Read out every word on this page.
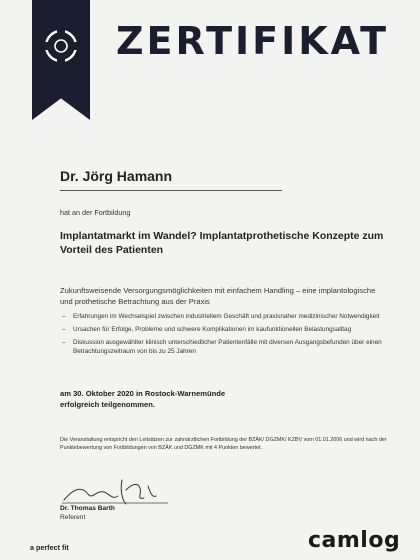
ZERTIFIKAT
Dr. Jörg Hamann
hat an der Fortbildung
Implantatmarkt im Wandel? Implantatprothetische Konzepte zum Vorteil des Patienten
Zukunftsweisende Versorgungsmöglichkeiten mit einfachem Handling – eine implantologische und prothetische Betrachtung aus der Praxis
– Erfahrungen im Wechselspiel zwischen industriellem Geschäft und praxisnaher medizinischer Notwendigkeit
– Ursachen für Erfolge, Probleme und schwere Komplikationen im kaufunktionellen Belastungsalltag
– Diskussion ausgewählter klinisch unterschiedlicher Patientenfälle mit diversen Ausgangsbefunden über einen Betrachtungszeitraum von bis zu 25 Jahren
am 30. Oktober 2020 in Rostock-Warnemünde
erfolgreich teilgenommen.
Die Veranstaltung entspricht den Leitsätzen zur zahnärztlichen Fortbildung der BZÄK/ DGZMK/ KZBV vom 01.01.2006 und wird nach der Punktebewertung von Fortbildungen von BZÄK und DGZMK mit 4 Punkten bewertet.
Dr. Thomas Barth
Referent
a perfect fit	camlog
